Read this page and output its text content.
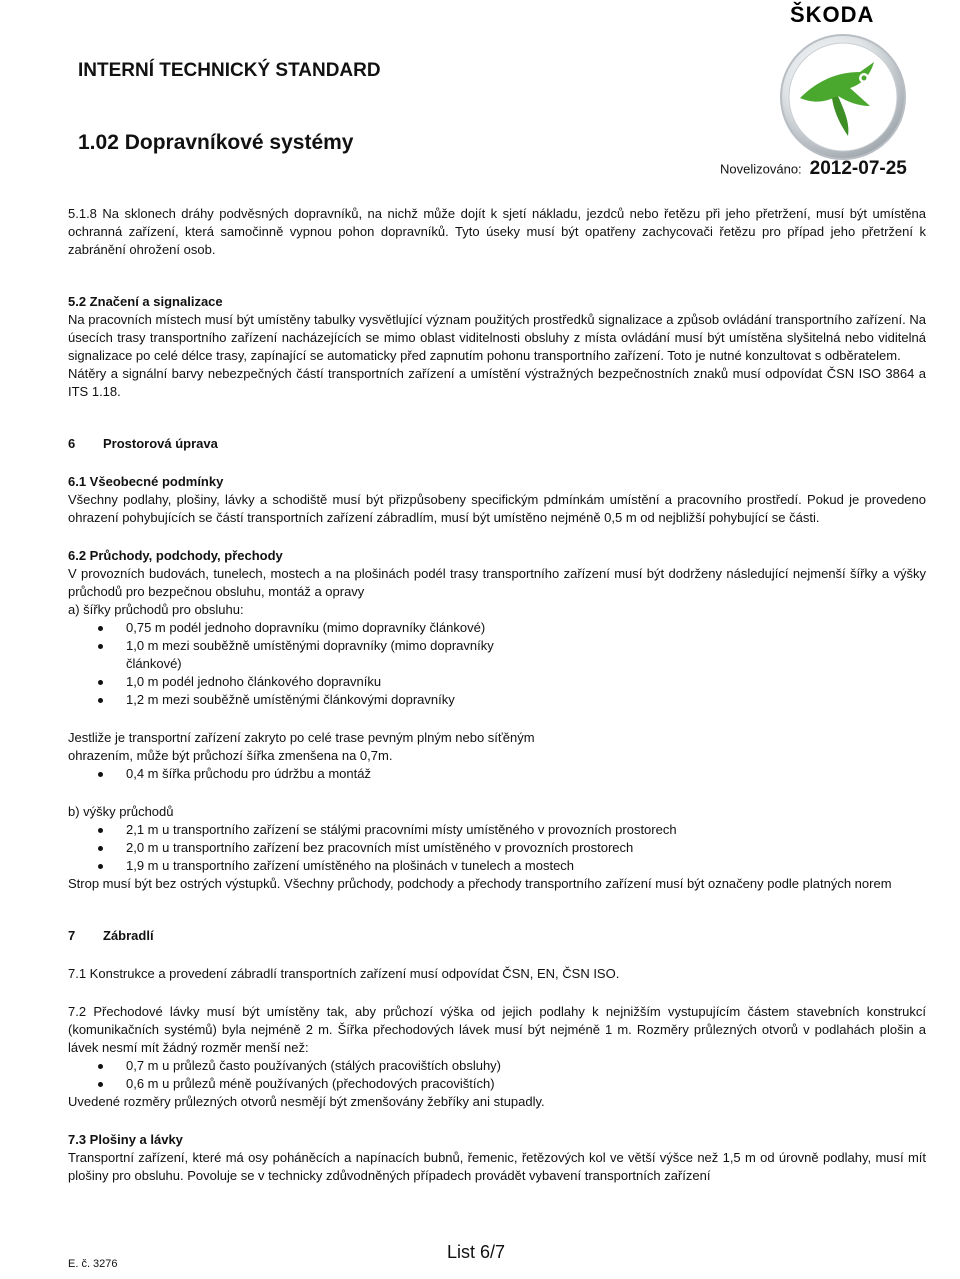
ŠKODA
INTERNÍ TECHNICKÝ STANDARD
1.02 Dopravníkové systémy
Novelizováno: 2012-07-25

5.1.8 Na sklonech dráhy podvěsných dopravníků, na nichž může dojít k sjetí nákladu, jezdců nebo řetězu při jeho přetržení, musí být umístěna ochranná zařízení, která samočinně vypnou pohon dopravníků. Tyto úseky musí být opatřeny zachycovači řetězu pro případ jeho přetržení k zabránění ohrožení osob.

5.2 Značení a signalizace

Na pracovních místech musí být umístěny tabulky vysvětlující význam použitých prostředků signalizace a způsob ovládání transportního zařízení. Na úsecích trasy transportního zařízení nacházejících se mimo oblast viditelnosti obsluhy z místa ovládání musí být umístěna slyšitelná nebo viditelná signalizace po celé délce trasy, zapínající se automaticky před zapnutím pohonu transportního zařízení. Toto je nutné konzultovat s odběratelem.

Nátěry a signální barvy nebezpečných částí transportních zařízení a umístění výstražných bezpečnostních znaků musí odpovídat ČSN ISO 3864 a ITS 1.18.

6	Prostorová úprava

6.1 Všeobecné podmínky

Všechny podlahy, plošiny, lávky a schodiště musí být přizpůsobeny specifickým pdmínkám umístění a pracovního prostředí. Pokud je provedeno ohrazení pohybujících se částí transportních zařízení zábradlím, musí být umístěno nejméně 0,5 m od nejbližší pohybující se části.

6.2 Průchody, podchody, přechody

V provozních budovách, tunelech, mostech a na plošinách podél trasy transportního zařízení musí být dodrženy následující nejmenší šířky a výšky průchodů pro bezpečnou obsluhu, montáž a opravy

a) šířky průchodů pro obsluhu:

0,75 m podél jednoho dopravníku (mimo dopravníky článkové)
1,0 m mezi souběžně umístěnými dopravníky (mimo dopravníky článkové)
1,0 m podél jednoho článkového dopravníku
1,2 m mezi souběžně umístěnými článkovými dopravníky

Jestliže je transportní zařízení zakryto po celé trase pevným plným nebo síťěným ohrazením, může být průchozí šířka zmenšena na 0,7m.

0,4 m šířka průchodu pro údržbu a montáž

b) výšky průchodů

2,1 m u transportního zařízení se stálými pracovními místy umístěného v provozních prostorech
2,0 m u transportního zařízení bez pracovních míst umístěného v provozních prostorech
1,9 m u transportního zařízení umístěného na plošinách v tunelech a mostech

Strop musí být bez ostrých výstupků. Všechny průchody, podchody a přechody transportního zařízení musí být označeny podle platných norem

7	Zábradlí

7.1 Konstrukce a provedení zábradlí transportních zařízení musí odpovídat ČSN, EN, ČSN ISO.

7.2 Přechodové lávky musí být umístěny tak, aby průchozí výška od jejich podlahy k nejnižším vystupujícím částem stavebních konstrukcí (komunikačních systémů) byla nejméně 2 m. Šířka přechodových lávek musí být nejméně 1 m. Rozměry průlezných otvorů v podlahách plošin a lávek nesmí mít žádný rozměr menší než:

0,7 m u průlezů často používaných (stálých pracovištích obsluhy)
0,6 m u průlezů méně používaných (přechodových pracovištích)

Uvedené rozměry průlezných otvorů nesmějí být zmenšovány žebříky ani stupadly.

7.3 Plošiny a lávky

Transportní zařízení, které má osy poháněcích a napínacích bubnů, řemenic, řetězových kol ve větší výšce než 1,5 m od úrovně podlahy, musí mít plošiny pro obsluhu. Povoluje se v technicky zdůvodněných případech provádět vybavení transportních zařízení

List 6/7
E. č. 3276
